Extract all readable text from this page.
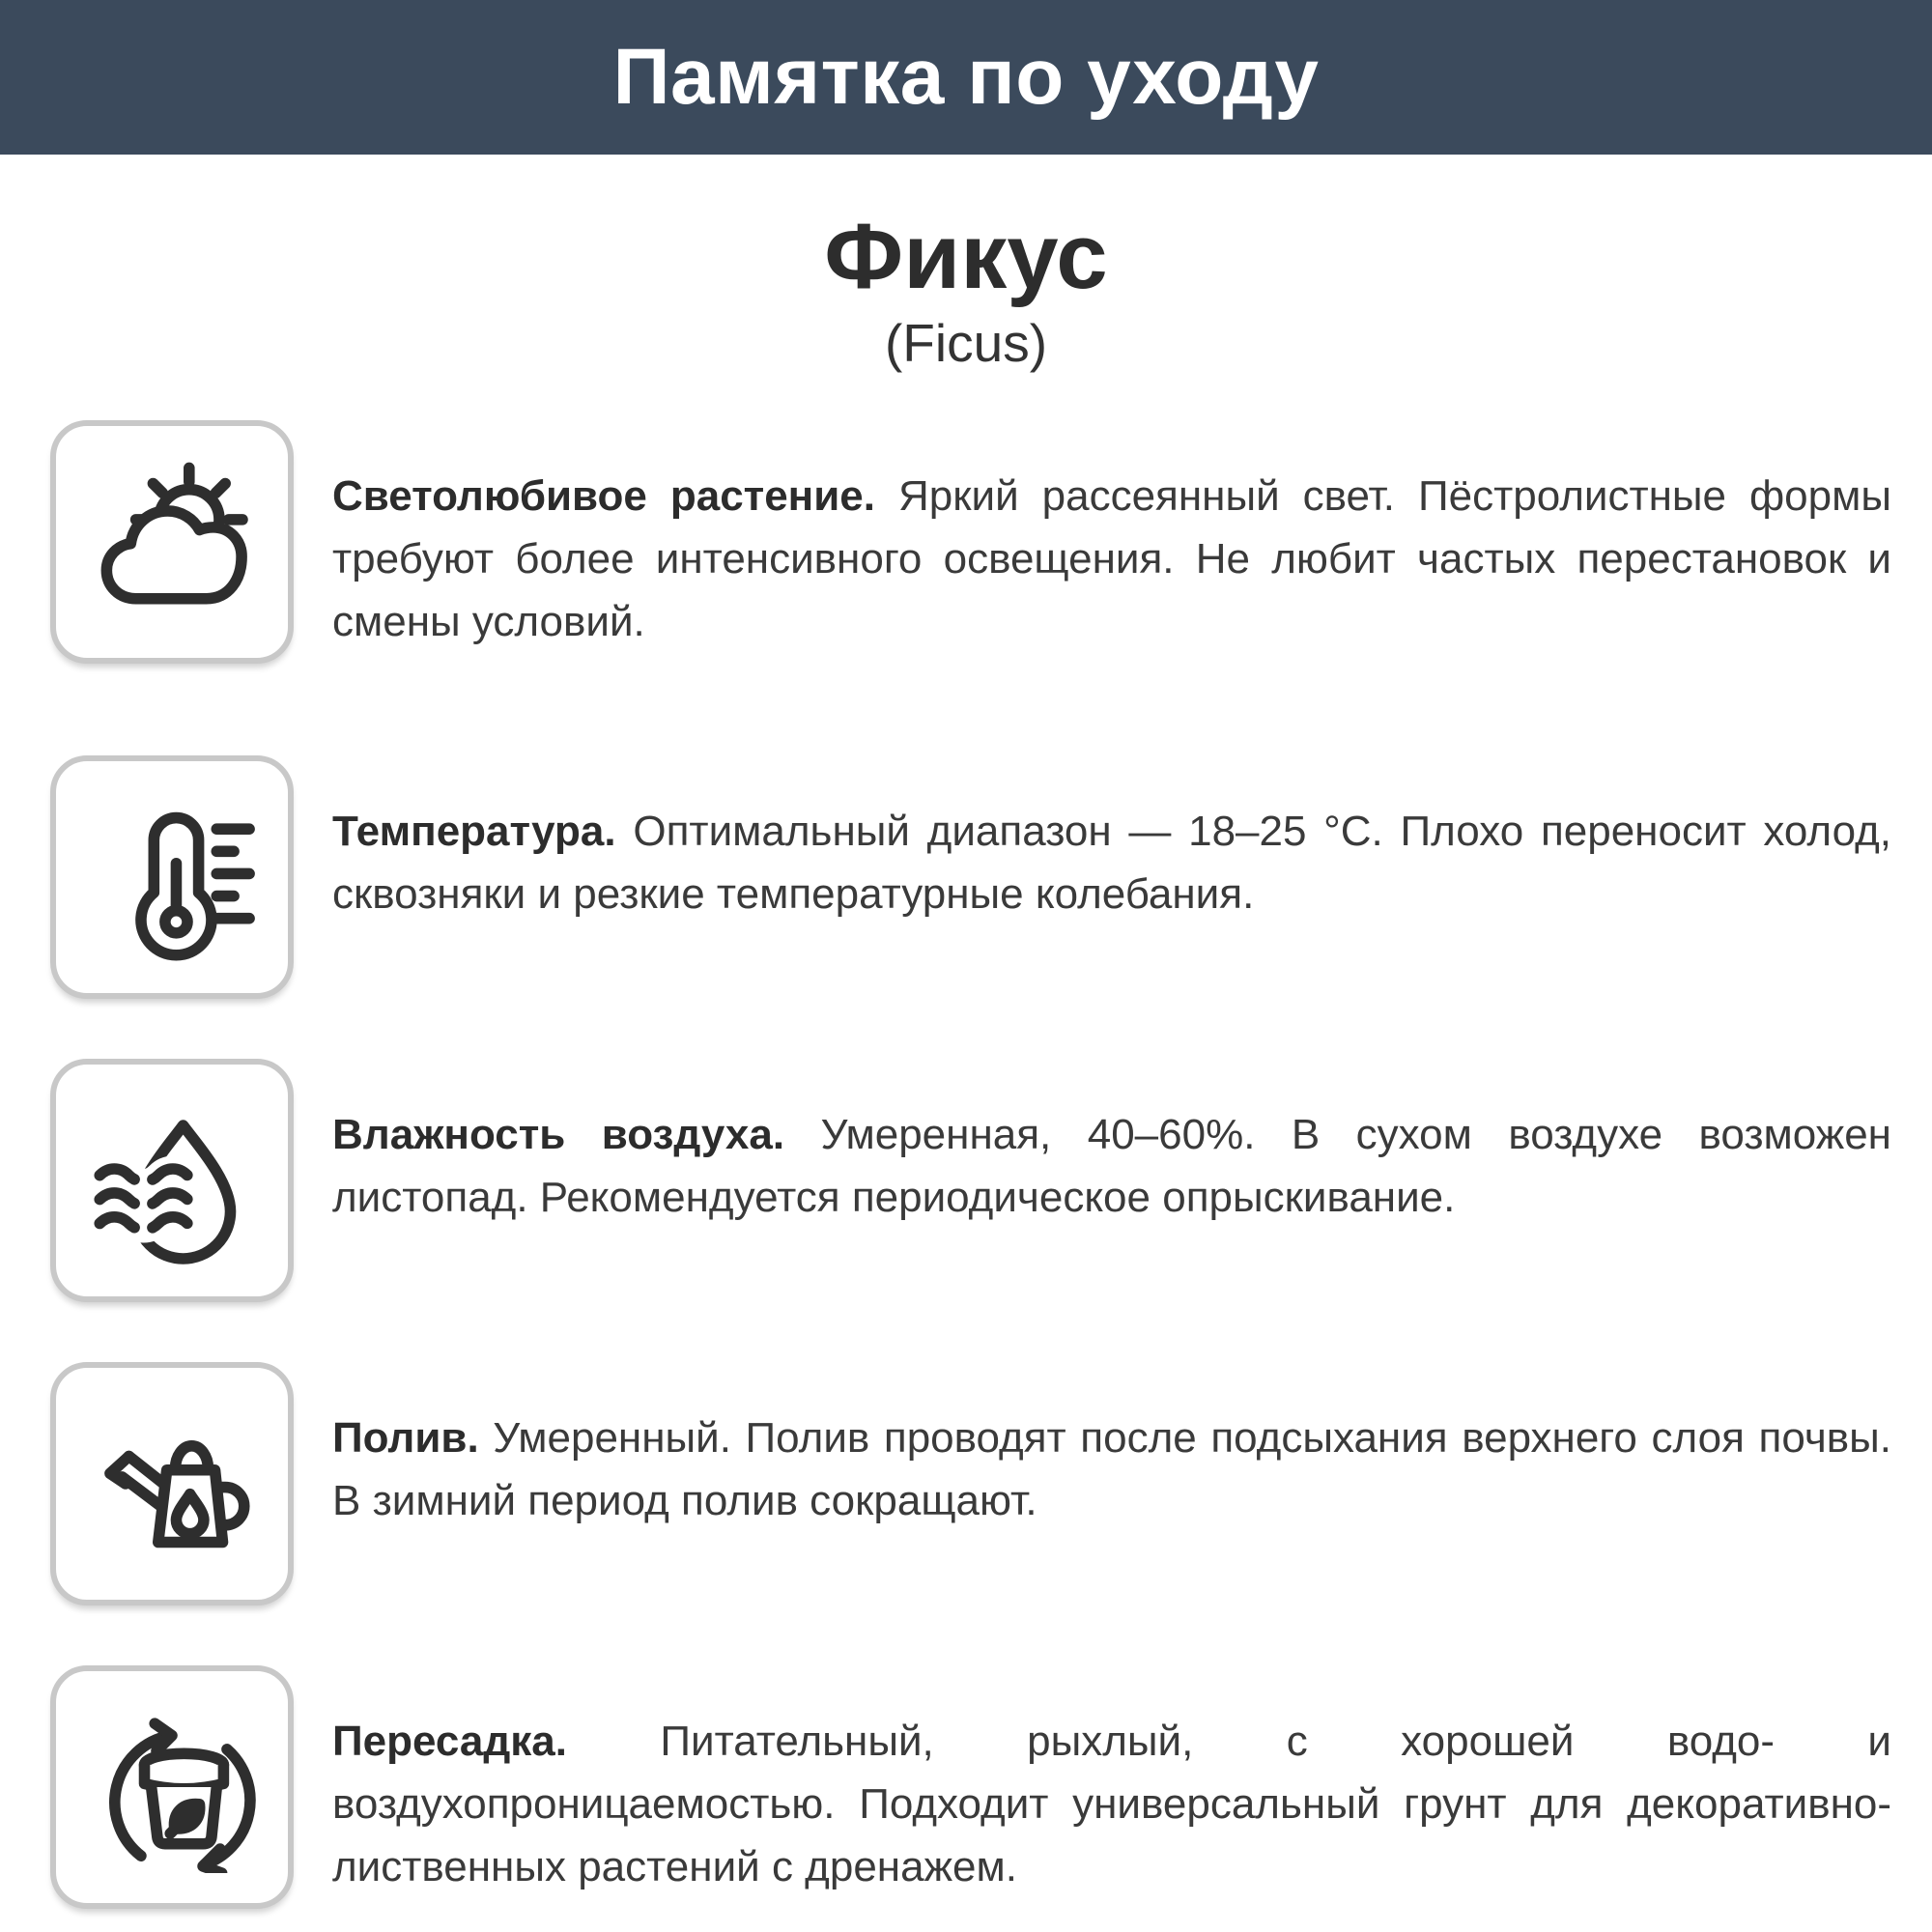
Памятка по уходу
Фикус
(Ficus)

Светолюбивое растение. Яркий рассеянный свет. Пёстролистные формы требуют более интенсивного освещения. Не любит частых перестановок и смены условий.

Температура. Оптимальный диапазон — 18–25 °C. Плохо переносит холод, сквозняки и резкие температурные колебания.

Влажность воздуха. Умеренная, 40–60%. В сухом воздухе возможен листопад. Рекомендуется периодическое опрыскивание.

Полив. Умеренный. Полив проводят после подсыхания верхнего слоя почвы. В зимний период полив сокращают.

Пересадка. Питательный, рыхлый, с хорошей водо- и воздухопроницаемостью. Подходит универсальный грунт для декоративно-лиственных растений с дренажем.
